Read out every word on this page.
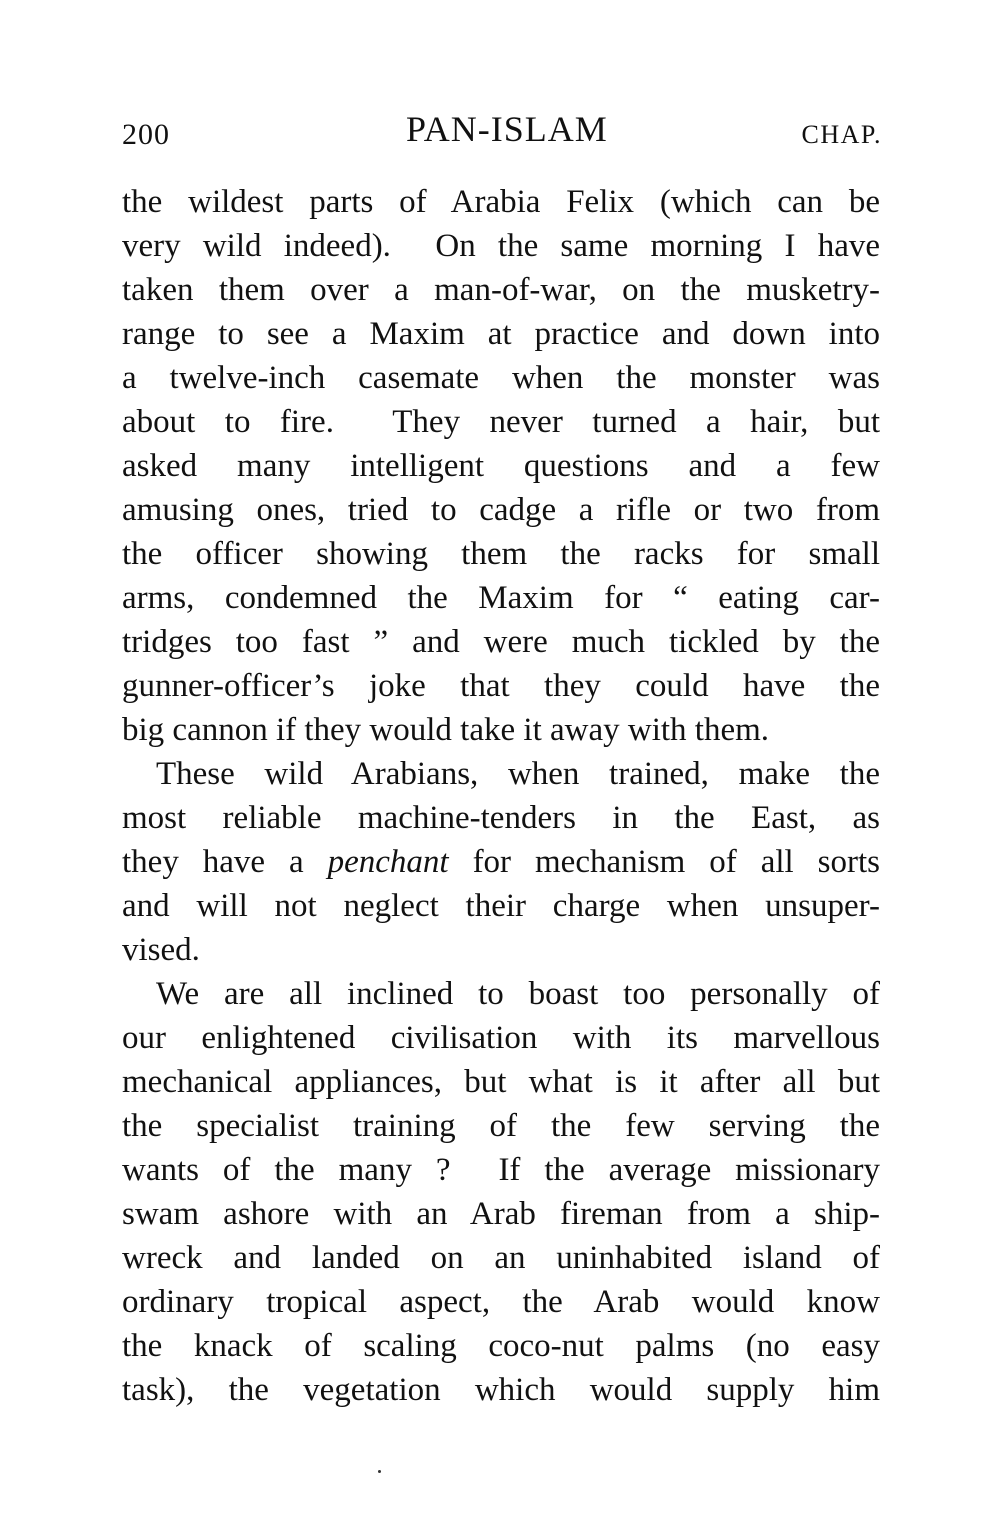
200	PAN-ISLAM	CHAP.
the wildest parts of Arabia Felix (which can be
very wild indeed).  On the same morning I have
taken them over a man-of-war, on the musketry-
range to see a Maxim at practice and down into
a twelve-inch casemate when the monster was
about to fire.  They never turned a hair, but
asked many intelligent questions and a few
amusing ones, tried to cadge a rifle or two from
the officer showing them the racks for small
arms, condemned the Maxim for “ eating car-
tridges too fast ” and were much tickled by the
gunner-officer’s joke that they could have the
big cannon if they would take it away with them.
These wild Arabians, when trained, make the
most reliable machine-tenders in the East, as
they have a penchant for mechanism of all sorts
and will not neglect their charge when unsuper-
vised.
We are all inclined to boast too personally of
our enlightened civilisation with its marvellous
mechanical appliances, but what is it after all but
the specialist training of the few serving the
wants of the many ?  If the average missionary
swam ashore with an Arab fireman from a ship-
wreck and landed on an uninhabited island of
ordinary tropical aspect, the Arab would know
the knack of scaling coco-nut palms (no easy
task), the vegetation which would supply him
